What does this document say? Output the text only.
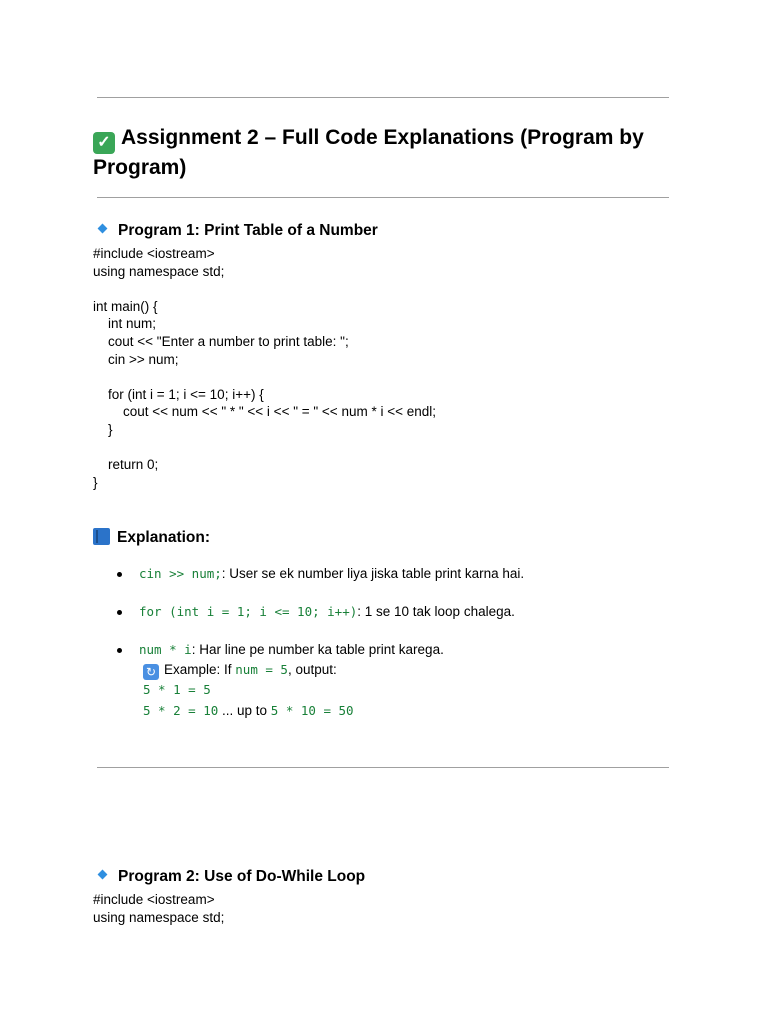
✓ Assignment 2 – Full Code Explanations (Program by Program)
Program 1: Print Table of a Number
#include <iostream>
using namespace std;

int main() {
int num;
cout << "Enter a number to print table: ";
cin >> num;

for (int i = 1; i <= 10; i++) {
cout << num << " * " << i << " = " << num * i << endl;
}

return 0;
}
Explanation:
cin >> num;: User se ek number liya jiska table print karna hai.
for (int i = 1; i <= 10; i++): 1 se 10 tak loop chalega.
num * i: Har line pe number ka table print karega.
↻ Example: If num = 5, output:
5 * 1 = 5
5 * 2 = 10 ... up to 5 * 10 = 50
Program 2: Use of Do-While Loop
#include <iostream>
using namespace std;
